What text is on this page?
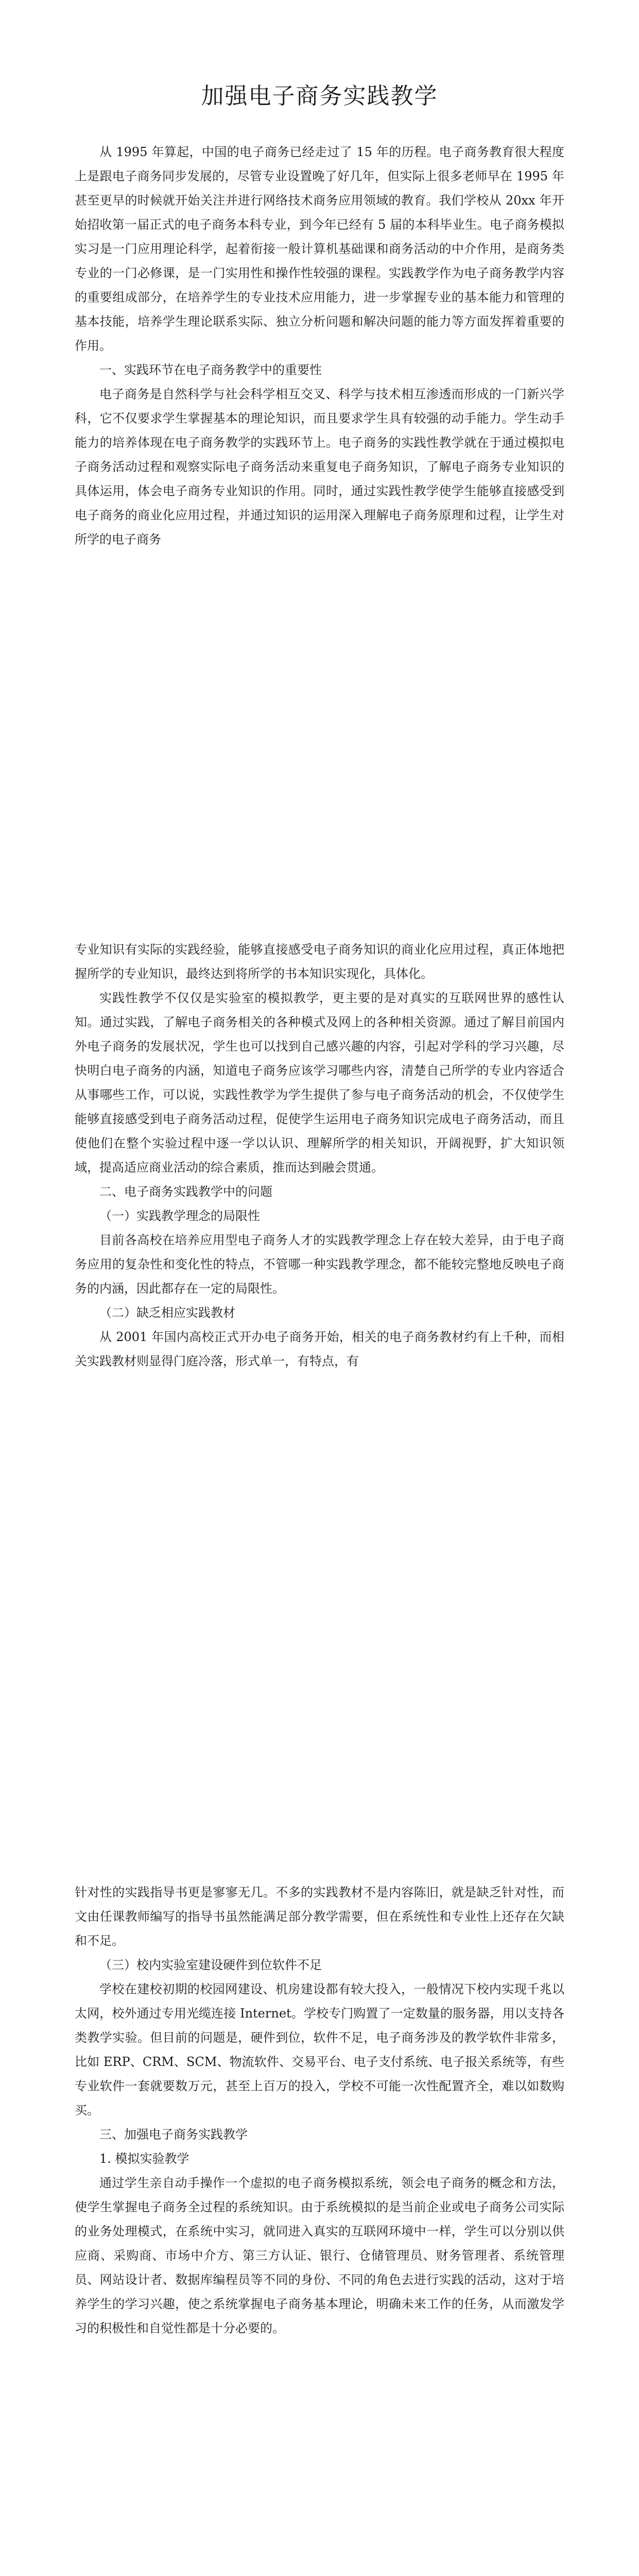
加强电子商务实践教学

从 1995 年算起，中国的电子商务已经走过了 15 年的历程。电子商务教育很大程度上是跟电子商务同步发展的，尽管专业设置晚了好几年，但实际上很多老师早在 1995 年甚至更早的时候就开始关注并进行网络技术商务应用领域的教育。我们学校从 20xx 年开始招收第一届正式的电子商务本科专业，到今年已经有 5 届的本科毕业生。电子商务模拟实习是一门应用理论科学，起着衔接一般计算机基础课和商务活动的中介作用，是商务类专业的一门必修课，是一门实用性和操作性较强的课程。实践教学作为电子商务教学内容的重要组成部分，在培养学生的专业技术应用能力，进一步掌握专业的基本能力和管理的基本技能，培养学生理论联系实际、独立分析问题和解决问题的能力等方面发挥着重要的作用。

一、实践环节在电子商务教学中的重要性

电子商务是自然科学与社会科学相互交叉、科学与技术相互渗透而形成的一门新兴学科，它不仅要求学生掌握基本的理论知识，而且要求学生具有较强的动手能力。学生动手能力的培养体现在电子商务教学的实践环节上。电子商务的实践性教学就在于通过模拟电子商务活动过程和观察实际电子商务活动来重复电子商务知识，了解电子商务专业知识的具体运用，体会电子商务专业知识的作用。同时，通过实践性教学使学生能够直接感受到电子商务的商业化应用过程，并通过知识的运用深入理解电子商务原理和过程，让学生对所学的电子商务

专业知识有实际的实践经验，能够直接感受电子商务知识的商业化应用过程，真正体地把握所学的专业知识，最终达到将所学的书本知识实现化，具体化。

实践性教学不仅仅是实验室的模拟教学，更主要的是对真实的互联网世界的感性认知。通过实践，了解电子商务相关的各种模式及网上的各种相关资源。通过了解目前国内外电子商务的发展状况，学生也可以找到自己感兴趣的内容，引起对学科的学习兴趣，尽快明白电子商务的内涵，知道电子商务应该学习哪些内容，清楚自己所学的专业内容适合从事哪些工作，可以说，实践性教学为学生提供了参与电子商务活动的机会，不仅使学生能够直接感受到电子商务活动过程，促使学生运用电子商务知识完成电子商务活动，而且使他们在整个实验过程中逐一学以认识、理解所学的相关知识，开阔视野，扩大知识领域，提高适应商业活动的综合素质，推而达到融会贯通。

二、电子商务实践教学中的问题
（一）实践教学理念的局限性

目前各高校在培养应用型电子商务人才的实践教学理念上存在较大差异，由于电子商务应用的复杂性和变化性的特点，不管哪一种实践教学理念，都不能较完整地反映电子商务的内涵，因此都存在一定的局限性。

（二）缺乏相应实践教材

从 2001 年国内高校正式开办电子商务开始，相关的电子商务教材约有上千种，而相关实践教材则显得门庭冷落，形式单一，有特点，有

针对性的实践指导书更是寥寥无几。不多的实践教材不是内容陈旧，就是缺乏针对性，而文由任课教师编写的指导书虽然能满足部分教学需要，但在系统性和专业性上还存在欠缺和不足。

（三）校内实验室建设硬件到位软件不足

学校在建校初期的校园网建设、机房建设都有较大投入，一般情况下校内实现千兆以太网，校外通过专用光缆连接 Internet。学校专门购置了一定数量的服务器，用以支持各类教学实验。但目前的问题是，硬件到位，软件不足，电子商务涉及的教学软件非常多，比如 ERP、CRM、SCM、物流软件、交易平台、电子支付系统、电子报关系统等，有些专业软件一套就要数万元，甚至上百万的投入，学校不可能一次性配置齐全，难以如数购买。

三、加强电子商务实践教学
1. 模拟实验教学

通过学生亲自动手操作一个虚拟的电子商务模拟系统，领会电子商务的概念和方法，使学生掌握电子商务全过程的系统知识。由于系统模拟的是当前企业或电子商务公司实际的业务处理模式，在系统中实习，就同进入真实的互联网环境中一样，学生可以分别以供应商、采购商、市场中介方、第三方认证、银行、仓储管理员、财务管理者、系统管理员、网站设计者、数据库编程员等不同的身份、不同的角色去进行实践的活动，这对于培养学生的学习兴趣，使之系统掌握电子商务基本理论，明确未来工作的任务，从而激发学习的积极性和自觉性都是十分必要的。
